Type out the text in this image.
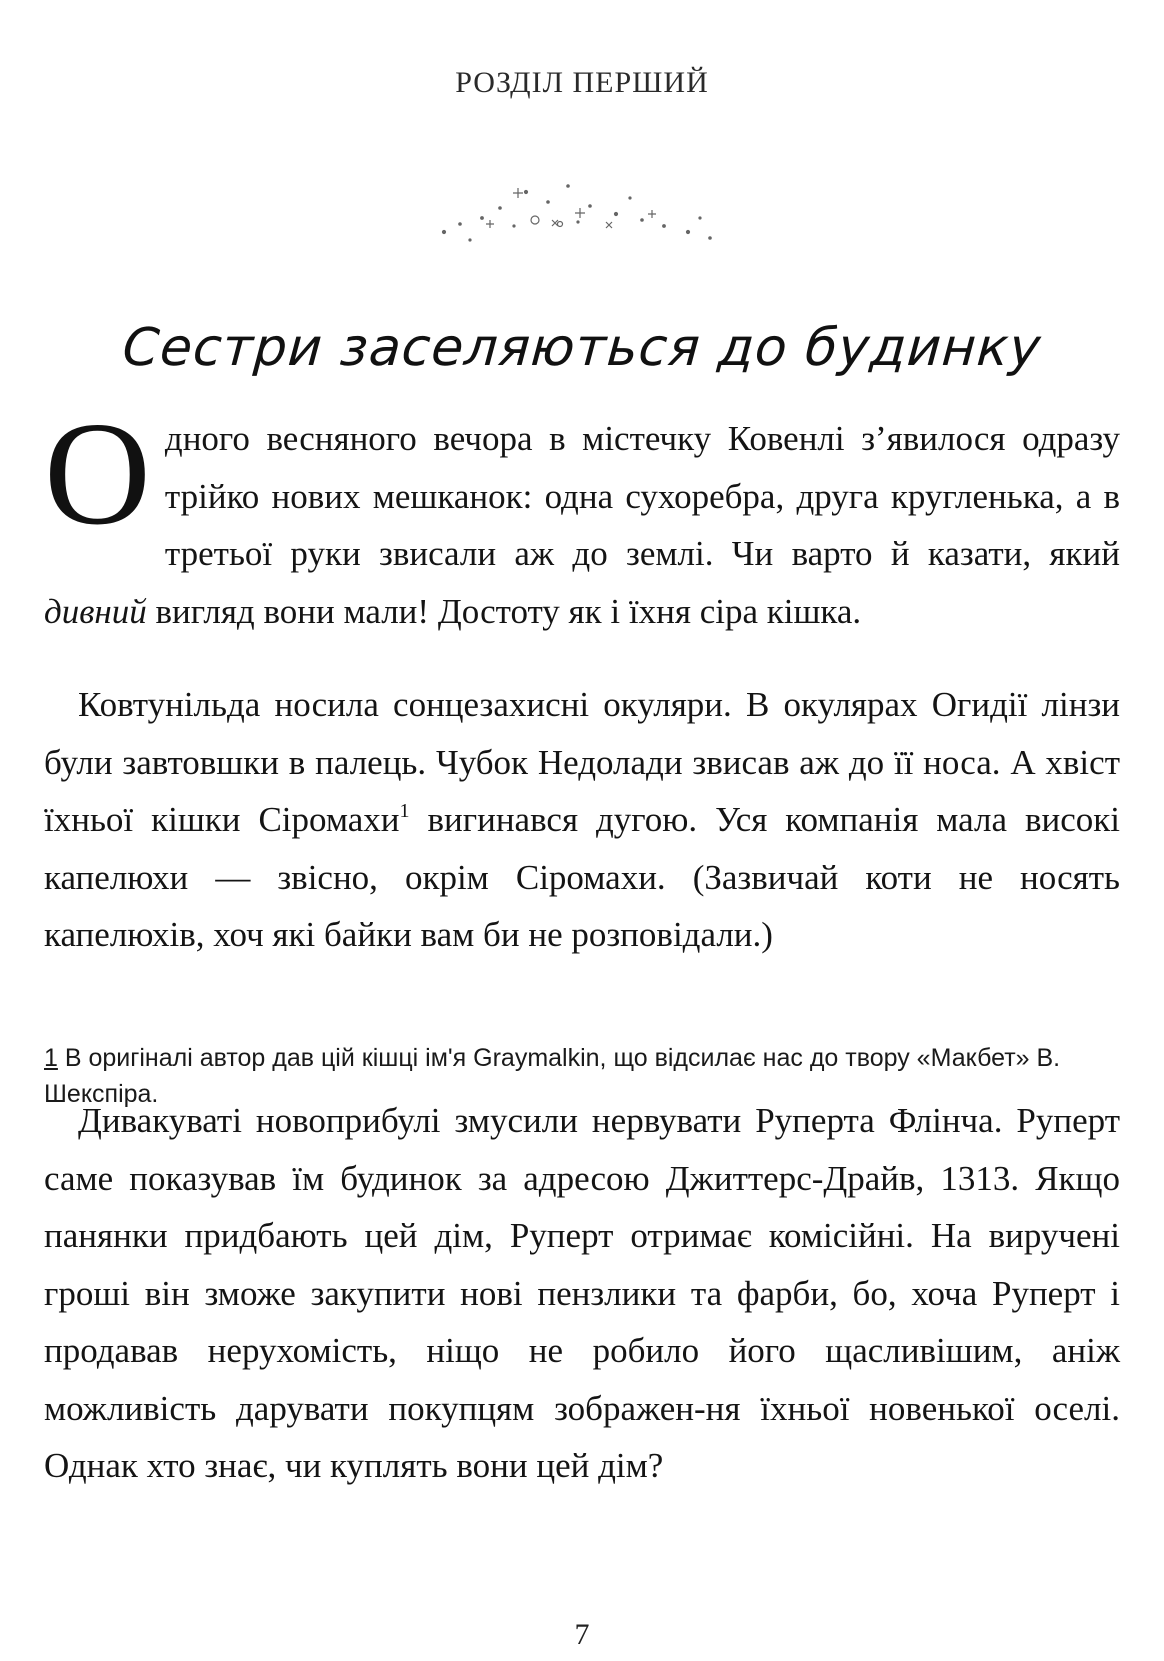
РОЗДІЛ ПЕРШИЙ
Сестри заселяються до будинку

Одного весняного вечора в містечку Ковенлі з’явилося одразу трійко нових мешканок: одна сухоребра, друга кругленька, а в третьої руки звисали аж до землі. Чи варто й казати, який дивний вигляд вони мали! Достоту як і їхня сіра кішка.

Ковтунільда носила сонцезахисні окуляри. В окулярах Огидії лінзи були завтовшки в палець. Чубок Недолади звисав аж до її носа. А хвіст їхньої кішки Сіромахи$^1$ вигинався дугою. Уся компанія мала високі капелюхи — звісно, окрім Сіромахи. (Зазвичай коти не носять капелюхів, хоч які байки вам би не розповідали.)

1 В оригіналі автор дав цій кішці ім'я Graymalkin, що відсилає нас до твору «Макбет» В. Шекспіра.

Дивакуваті новоприбулі змусили нервувати Руперта Флінча. Руперт саме показував їм будинок за адресою Джиттерс-Драйв, 1313. Якщо панянки придбають цей дім, Руперт отримає комісійні. На виручені гроші він зможе закупити нові пензлики та фарби, бо, хоча Руперт і продавав нерухомість, ніщо не робило його щасливішим, аніж можливість дарувати покупцям зображен-ня їхньої новенької оселі. Однак хто знає, чи куплять вони цей дім?

7
